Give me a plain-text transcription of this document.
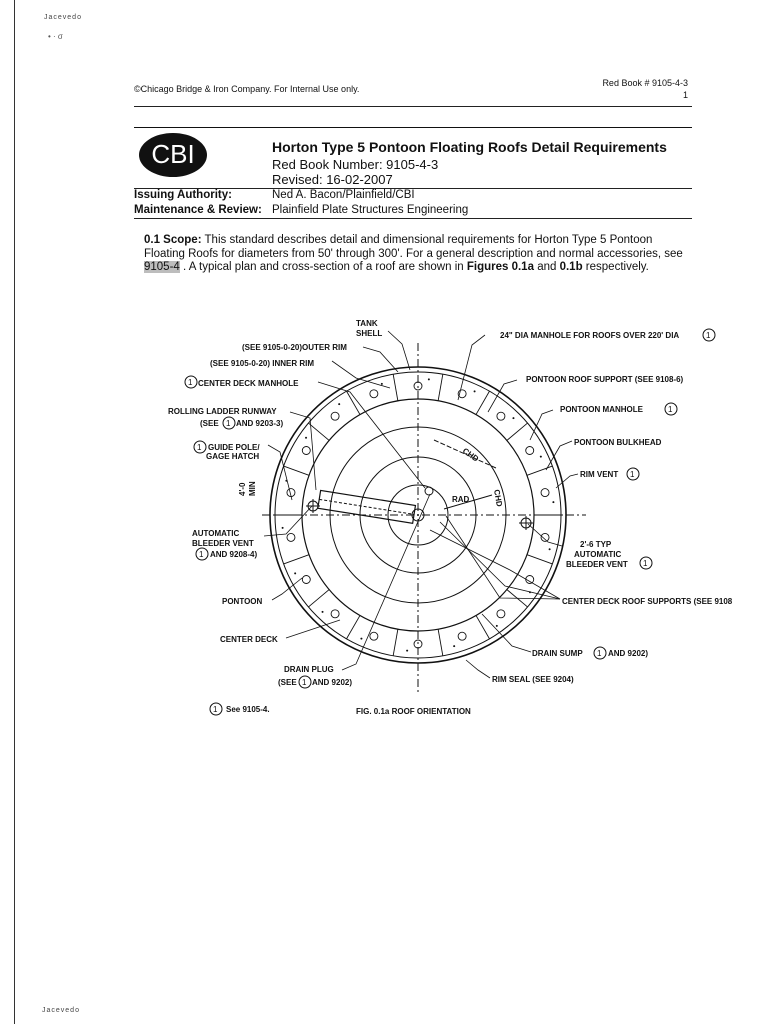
Jacevedo
• · σ
Jacevedo
©Chicago Bridge & Iron Company. For Internal Use only.
Red Book # 9105-4-3
1
CBI	Horton Type 5 Pontoon Floating Roofs Detail Requirements
Red Book Number: 9105-4-3
Revised: 16-02-2007
Issuing Authority:	Ned A. Bacon/Plainfield/CBI
Maintenance & Review: Plainfield Plate Structures Engineering
0.1 Scope: This standard describes detail and dimensional requirements for Horton Type 5 Pontoon Floating Roofs for diameters from 50' through 300'. For a general description and normal accessories, see 9105-4 . A typical plan and cross-section of a roof are shown in Figures 0.1a and 0.1b respectively.
TANK
SHELL
(SEE 9105-0-20)OUTER RIM
(SEE 9105-0-20) INNER RIM
CENTER DECK MANHOLE
ROLLING LADDER RUNWAY
(SEE AND 9203-3)
GUIDE POLE/
GAGE HATCH
4'-0 MIN
AUTOMATIC
BLEEDER VENT
AND 9208-4)
PONTOON
CENTER DECK
DRAIN PLUG
(SEE AND 9202)
24" DIA MANHOLE FOR ROOFS OVER 220' DIA
PONTOON ROOF SUPPORT (SEE 9108-6)
PONTOON MANHOLE
PONTOON BULKHEAD
RIM VENT
2'-6 TYP
AUTOMATIC
BLEEDER VENT
CENTER DECK ROOF SUPPORTS (SEE 9108
DRAIN SUMP	AND 9202)
RIM SEAL (SEE 9204)
CHD
RAD	CHD
FIG. 0.1a ROOF ORIENTATION
See 9105-4.
1
1
1
1
1
1
1
1
1
1
1
